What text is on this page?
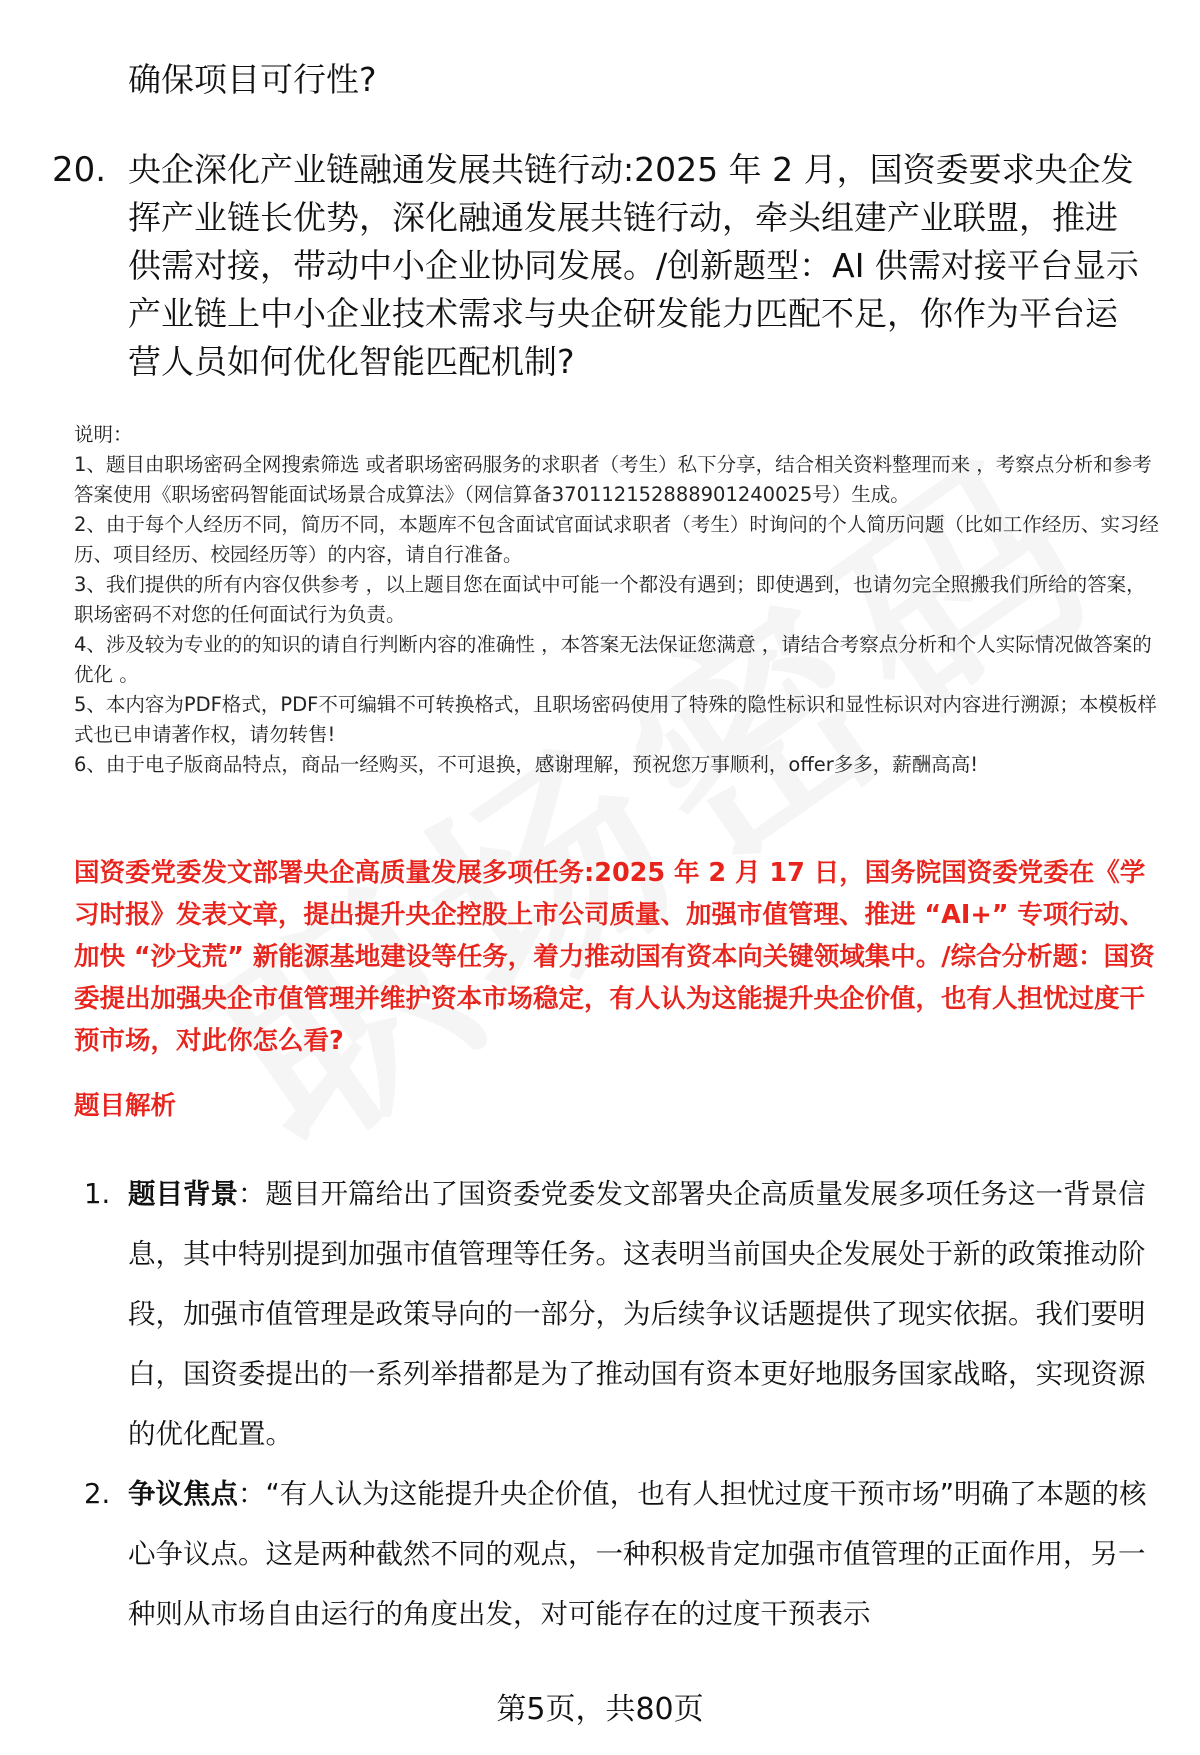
确保项目可行性?
20. 央企深化产业链融通发展共链行动:2025 年 2 月，国资委要求央企发挥产业链长优势，深化融通发展共链行动，牵头组建产业联盟，推进供需对接，带动中小企业协同发展。/创新题型：AI 供需对接平台显示产业链上中小企业技术需求与央企研发能力匹配不足，你作为平台运营人员如何优化智能匹配机制?

说明：

1、题目由职场密码全网搜索筛选 或者职场密码服务的求职者（考生）私下分享，结合相关资料整理而来 ，考察点分析和参考答案使用《职场密码智能面试场景合成算法》（网信算备370112152888901240025号）生成。

2、由于每个人经历不同，简历不同，本题库不包含面试官面试求职者（考生）时询问的个人简历问题（比如工作经历、实习经历、项目经历、校园经历等）的内容，请自行准备。

3、我们提供的所有内容仅供参考 ，以上题目您在面试中可能一个都没有遇到；即使遇到，也请勿完全照搬我们所给的答案，职场密码不对您的任何面试行为负责。

4、涉及较为专业的的知识的请自行判断内容的准确性 ，本答案无法保证您满意 ，请结合考察点分析和个人实际情况做答案的优化 。

5、本内容为PDF格式，PDF不可编辑不可转换格式，且职场密码使用了特殊的隐性标识和显性标识对内容进行溯源；本模板样式也已申请著作权，请勿转售!

6、由于电子版商品特点，商品一经购买，不可退换，感谢理解，预祝您万事顺利，offer多多，薪酬高高!

国资委党委发文部署央企高质量发展多项任务:2025 年 2 月 17 日，国务院国资委党委在《学习时报》发表文章，提出提升央企控股上市公司质量、加强市值管理、推进 “AI+” 专项行动、加快 “沙戈荒” 新能源基地建设等任务，着力推动国有资本向关键领域集中。/综合分析题：国资委提出加强央企市值管理并维护资本市场稳定，有人认为这能提升央企价值，也有人担忧过度干预市场，对此你怎么看?
题目解析
1. 题目背景：题目开篇给出了国资委党委发文部署央企高质量发展多项任务这一背景信息，其中特别提到加强市值管理等任务。这表明当前国央企发展处于新的政策推动阶段，加强市值管理是政策导向的一部分，为后续争议话题提供了现实依据。我们要明白，国资委提出的一系列举措都是为了推动国有资本更好地服务国家战略，实现资源的优化配置。
2. 争议焦点：“有人认为这能提升央企价值，也有人担忧过度干预市场”明确了本题的核心争议点。这是两种截然不同的观点，一种积极肯定加强市值管理的正面作用，另一种则从市场自由运行的角度出发，对可能存在的过度干预表示
第5页，共80页
